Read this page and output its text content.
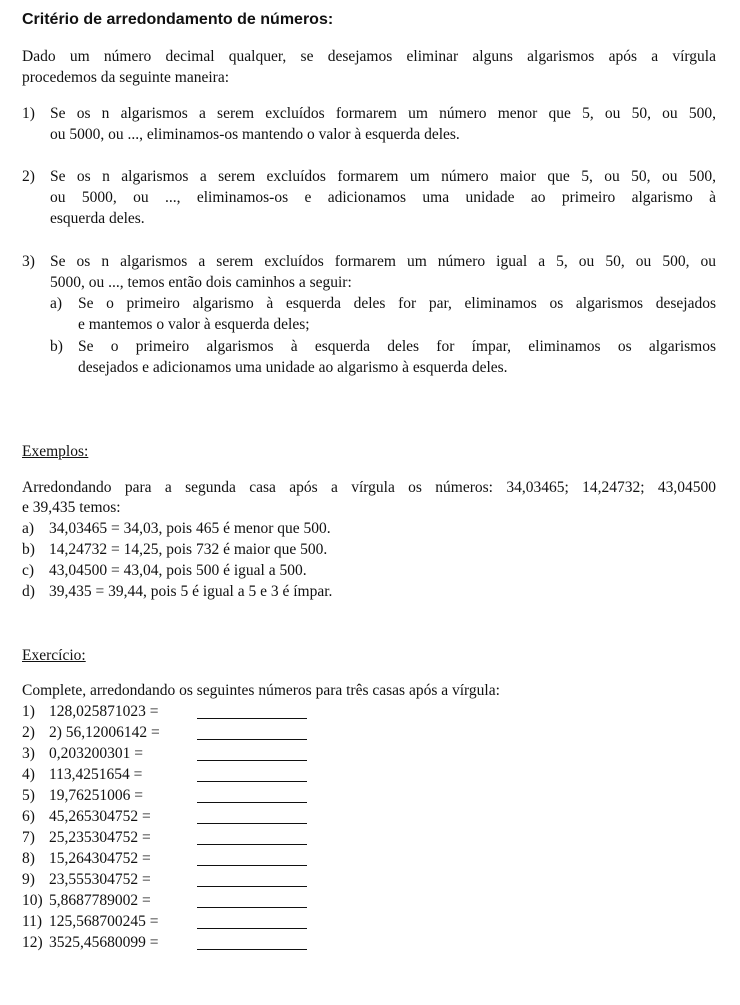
Critério de arredondamento de números:
Dado um número decimal qualquer, se desejamos eliminar alguns algarismos após a vírgula
procedemos da seguinte maneira:
1) Se os n algarismos a serem excluídos formarem um número menor que 5, ou 50, ou 500,
ou 5000, ou ..., eliminamos-os mantendo o valor à esquerda deles.
2) Se os n algarismos a serem excluídos formarem um número maior que 5, ou 50, ou 500,
ou 5000, ou ..., eliminamos-os e adicionamos uma unidade ao primeiro algarismo à
esquerda deles.
3) Se os n algarismos a serem excluídos formarem um número igual a 5, ou 50, ou 500, ou
5000, ou ..., temos então dois caminhos a seguir:
a) Se o primeiro algarismo à esquerda deles for par, eliminamos os algarismos desejados
e mantemos o valor à esquerda deles;
b) Se o primeiro algarismos à esquerda deles for ímpar, eliminamos os algarismos
desejados e adicionamos uma unidade ao algarismo à esquerda deles.
Exemplos:
Arredondando para a segunda casa após a vírgula os números: 34,03465; 14,24732; 43,04500
e 39,435 temos:
a) 34,03465 = 34,03, pois 465 é menor que 500.
b) 14,24732 = 14,25, pois 732 é maior que 500.
c) 43,04500 = 43,04, pois 500 é igual a 500.
d) 39,435 = 39,44, pois 5 é igual a 5 e 3 é ímpar.
Exercício:
Complete, arredondando os seguintes números para três casas após a vírgula:
1) 128,025871023 =
2) 2) 56,12006142 =
3) 0,203200301 =
4) 113,4251654 =
5) 19,76251006 =
6) 45,265304752 =
7) 25,235304752 =
8) 15,264304752 =
9) 23,555304752 =
10) 5,8687789002 =
11) 125,568700245 =
12) 3525,45680099 =
